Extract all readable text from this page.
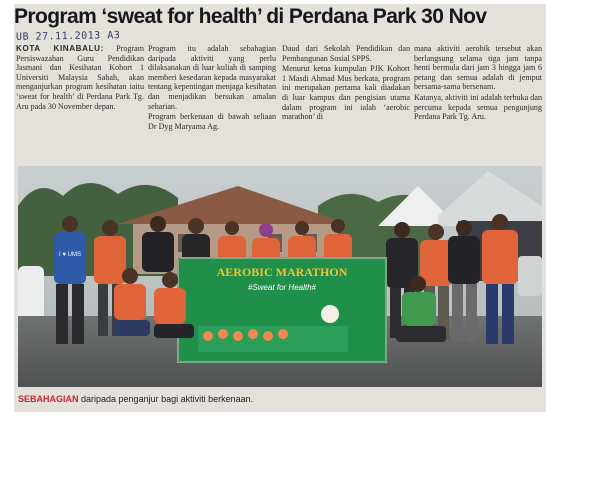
Program ‘sweat for health’ di Perdana Park 30 Nov
UB 27.11.2013 A3

KOTA KINABALU: Program Persiswazahan Guru Pendidikan Jasmani dan Kesihatan Kohort 1 Universiti Malaysia Sabah, akan menganjurkan program kesihatan iaitu ‘sweat for health’ di Perdana Park Tg. Aru pada 30 November depan.

Program itu adalah sebahagian daripada aktiviti yang perlu dilaksanakan di luar kuliah di samping memberi kesedaran kepada masyarakat tentang kepentingan menjaga kesihatan dan menjadikan bersukan amalan seharian.

Program berkenaan di bawah seliaan Dr Dyg Maryama Ag.

Daud dari Sekolah Pendidikan dan Pembangunan Sosial SPPS.

Menurut ketua kumpulan PJK Kohort 1 Masdi Ahmad Mus berkata, program ini merupakan pertama kali diadakan di luar kampus dan pengisian utama dalam program ini ialah ‘aerobic marathon’ di

mana aktiviti aerobik tersebut akan berlangsung selama tiga jam tanpa henti bermula dari jam 3 hingga jam 6 petang dan semua adalah di jemput bersama-sama bersenam.

Katanya, aktiviti ini adalah terbuka dan percuma kepada semua pengunjung Perdana Park Tg. Aru.

I ♥ UMS
AEROBIC MARATHON
#Sweat for Health#
SEBAHAGIAN daripada penganjur bagi aktiviti berkenaan.
